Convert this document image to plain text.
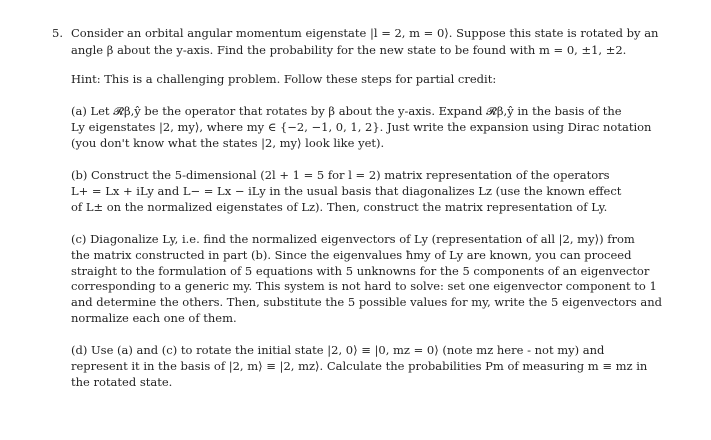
5. Consider an orbital angular momentum eigenstate |l = 2, m = 0⟩. Suppose this state is rotated by an
angle β about the y-axis. Find the probability for the new state to be found with m = 0, ±1, ±2.
Hint: This is a challenging problem. Follow these steps for partial credit:
(a) Let 𝓡β,ŷ be the operator that rotates by β about the y-axis. Expand 𝓡β,ŷ in the basis of the
Ly eigenstates |2, my⟩, where my ∈ {−2, −1, 0, 1, 2}. Just write the expansion using Dirac notation
(you don't know what the states |2, my⟩ look like yet).
(b) Construct the 5-dimensional (2l + 1 = 5 for l = 2) matrix representation of the operators
L+ = Lx + iLy and L− = Lx − iLy in the usual basis that diagonalizes Lz (use the known effect
of L± on the normalized eigenstates of Lz). Then, construct the matrix representation of Ly.
(c) Diagonalize Ly, i.e. find the normalized eigenvectors of Ly (representation of all |2, my⟩) from
the matrix constructed in part (b). Since the eigenvalues ħmy of Ly are known, you can proceed
straight to the formulation of 5 equations with 5 unknowns for the 5 components of an eigenvector
corresponding to a generic my. This system is not hard to solve: set one eigenvector component to 1
and determine the others. Then, substitute the 5 possible values for my, write the 5 eigenvectors and
normalize each one of them.
(d) Use (a) and (c) to rotate the initial state |2, 0⟩ ≡ |0, mz = 0⟩ (note mz here - not my) and
represent it in the basis of |2, m⟩ ≡ |2, mz⟩. Calculate the probabilities Pm of measuring m ≡ mz in
the rotated state.
